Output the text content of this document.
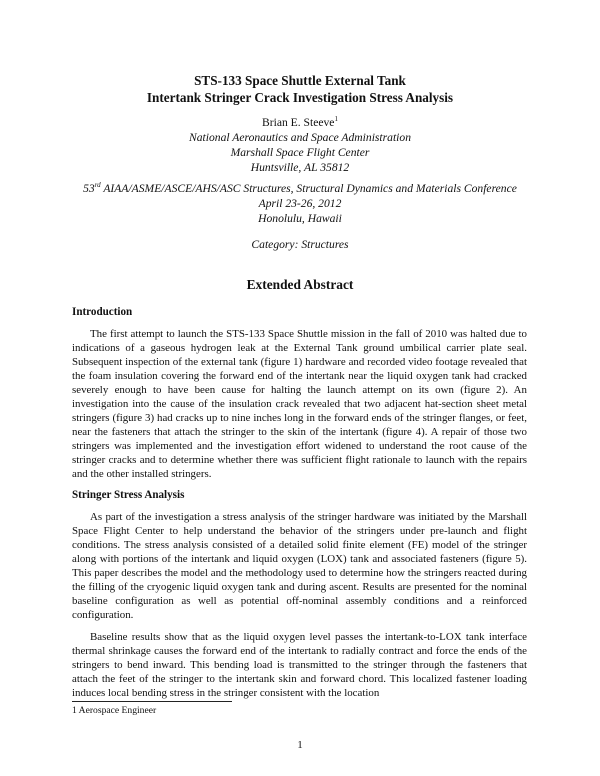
STS-133 Space Shuttle External Tank
Intertank Stringer Crack Investigation Stress Analysis
Brian E. Steeve$^1$
National Aeronautics and Space Administration
Marshall Space Flight Center
Huntsville, AL 35812
53rd AIAA/ASME/ASCE/AHS/ASC Structures, Structural Dynamics and Materials Conference
April 23-26, 2012
Honolulu, Hawaii
Category: Structures
Extended Abstract
Introduction

The first attempt to launch the STS-133 Space Shuttle mission in the fall of 2010 was halted due to indications of a gaseous hydrogen leak at the External Tank ground umbilical carrier plate seal. Subsequent inspection of the external tank (figure 1) hardware and recorded video footage revealed that the foam insulation covering the forward end of the intertank near the liquid oxygen tank had cracked severely enough to have been cause for halting the launch attempt on its own (figure 2). An investigation into the cause of the insulation crack revealed that two adjacent hat-section sheet metal stringers (figure 3) had cracks up to nine inches long in the forward ends of the stringer flanges, or feet, near the fasteners that attach the stringer to the skin of the intertank (figure 4). A repair of those two stringers was implemented and the investigation effort widened to understand the root cause of the stringer cracks and to determine whether there was sufficient flight rationale to launch with the repairs and the other installed stringers.

Stringer Stress Analysis

As part of the investigation a stress analysis of the stringer hardware was initiated by the Marshall Space Flight Center to help understand the behavior of the stringers under pre-launch and flight conditions. The stress analysis consisted of a detailed solid finite element (FE) model of the stringer along with portions of the intertank and liquid oxygen (LOX) tank and associated fasteners (figure 5). This paper describes the model and the methodology used to determine how the stringers reacted during the filling of the cryogenic liquid oxygen tank and during ascent. Results are presented for the nominal baseline configuration as well as potential off-nominal assembly conditions and a reinforced configuration.

Baseline results show that as the liquid oxygen level passes the intertank-to-LOX tank interface thermal shrinkage causes the forward end of the intertank to radially contract and force the ends of the stringers to bend inward. This bending load is transmitted to the stringer through the fasteners that attach the feet of the stringer to the intertank skin and forward chord. This localized fastener loading induces local bending stress in the stringer consistent with the location

1 Aerospace Engineer
1
